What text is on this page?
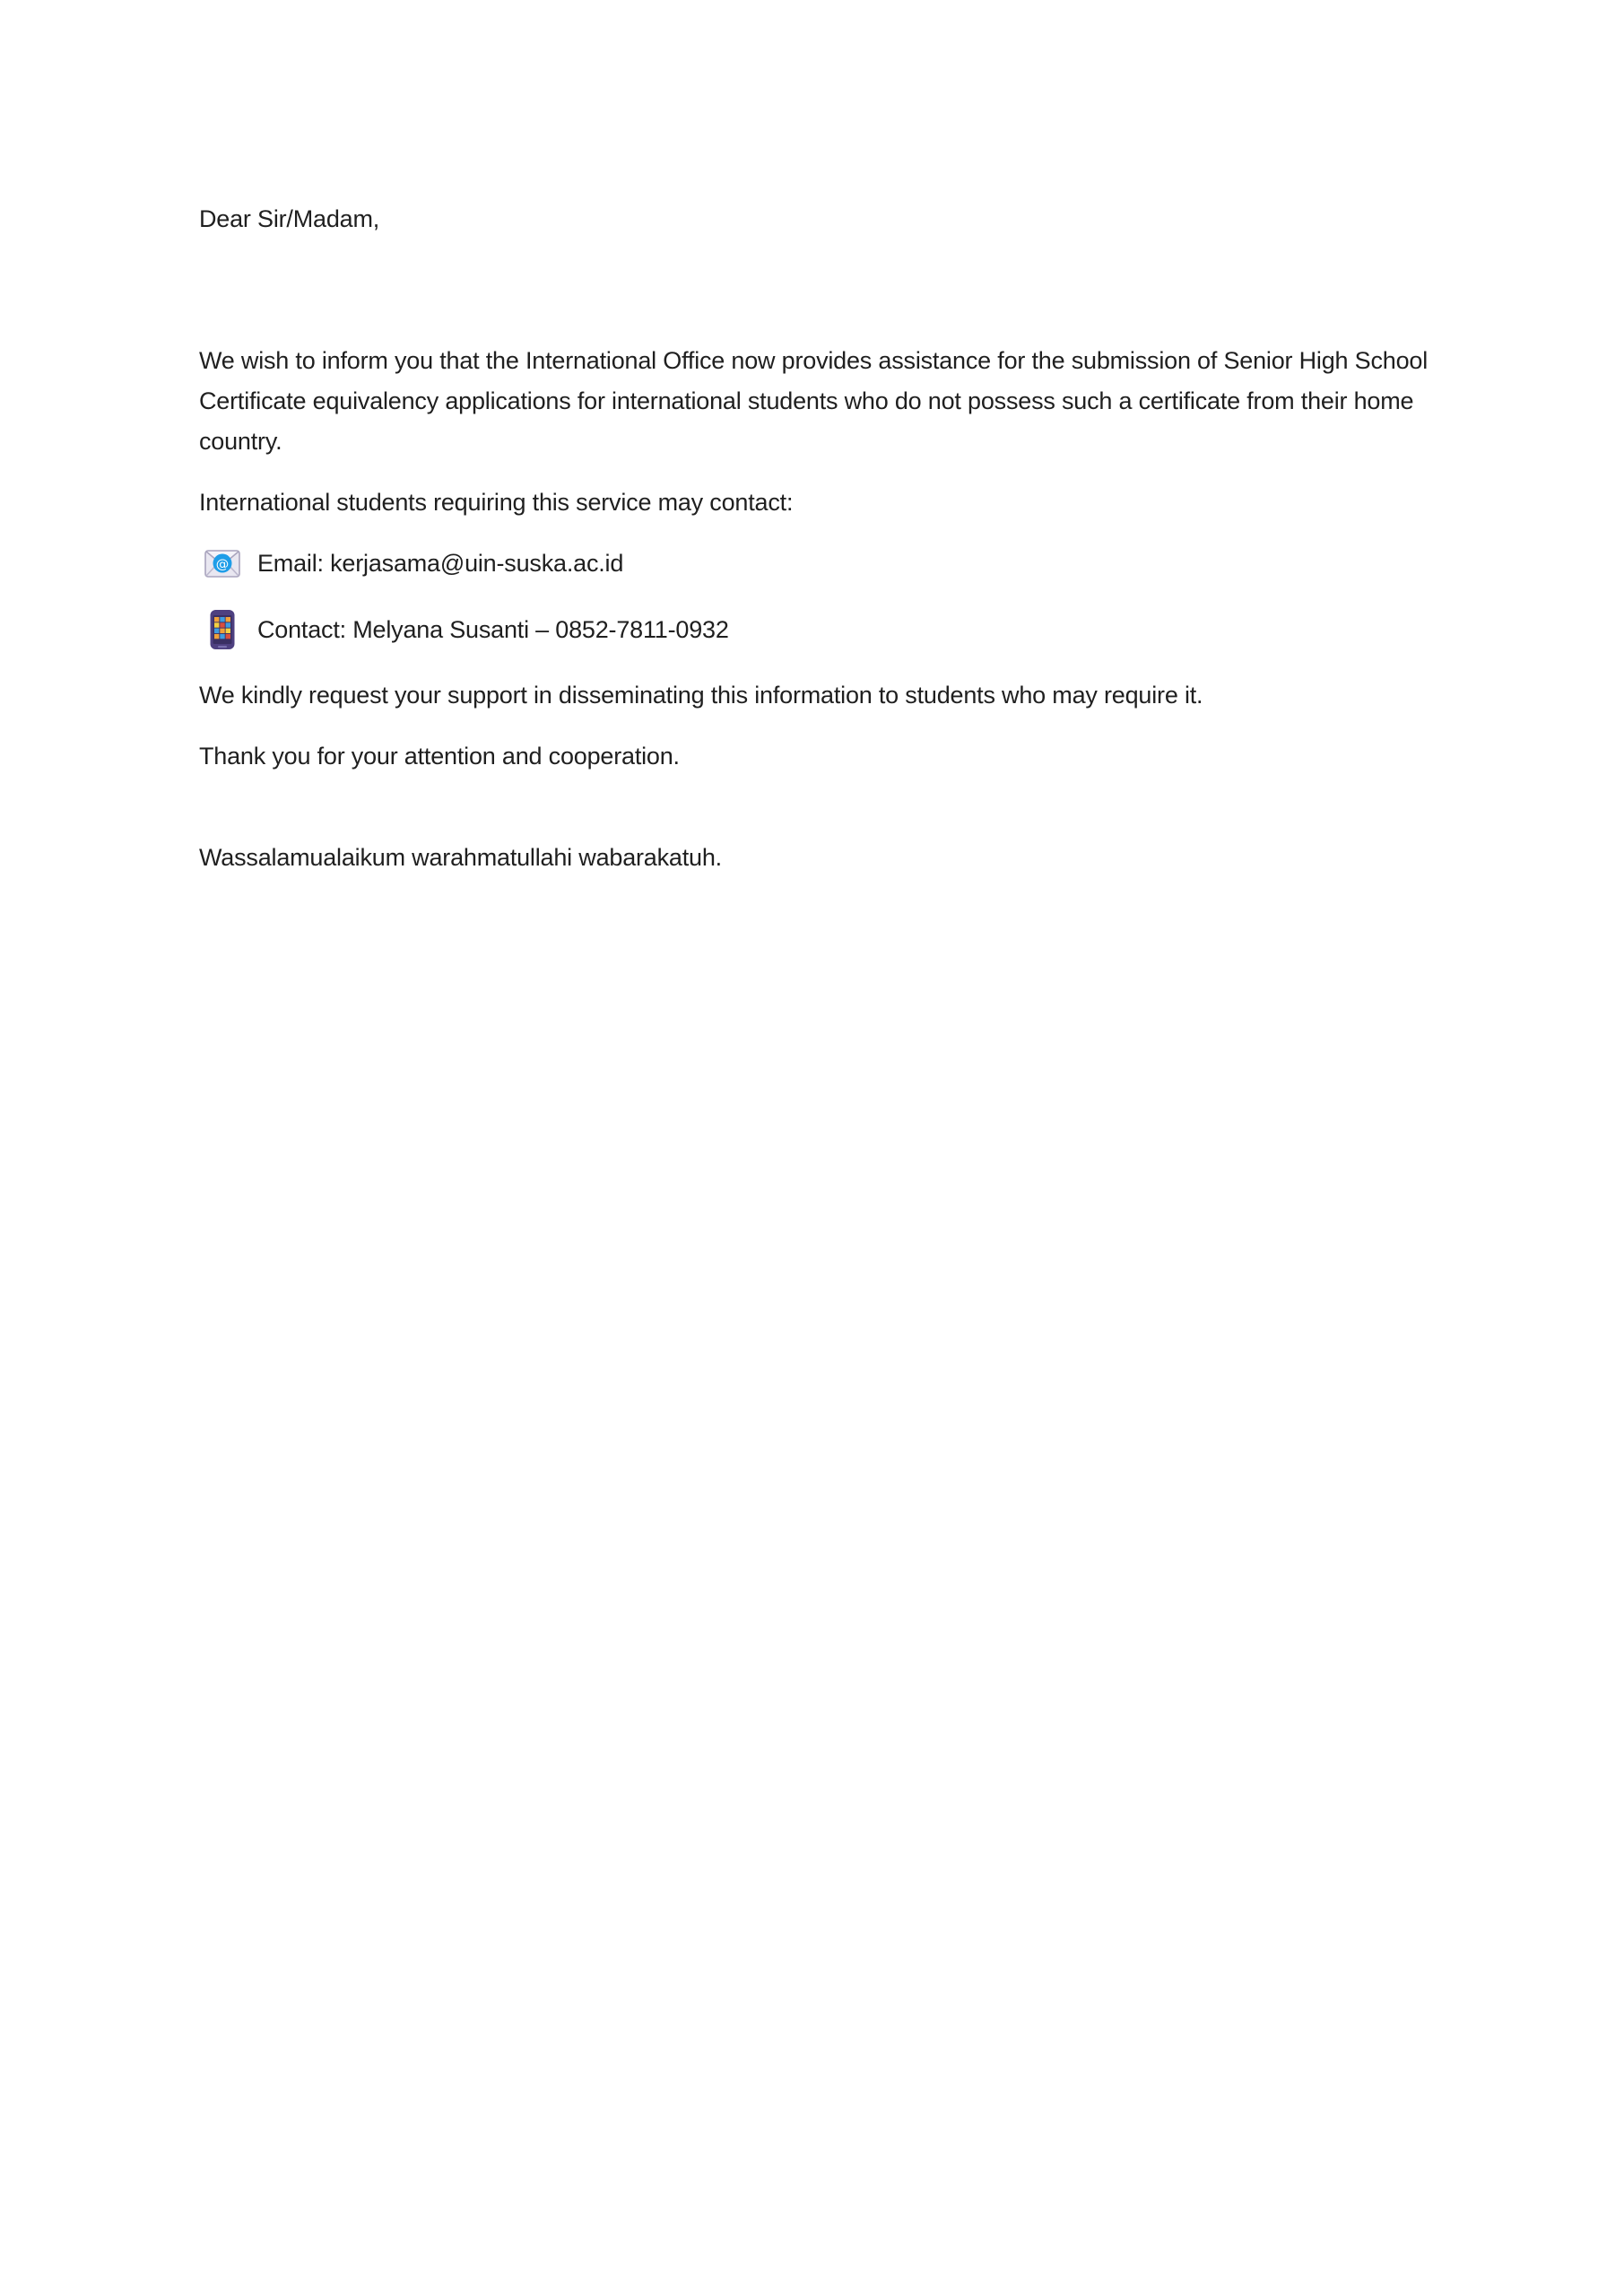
Dear Sir/Madam,

We wish to inform you that the International Office now provides assistance for the submission of Senior High School Certificate equivalency applications for international students who do not possess such a certificate from their home country.

International students requiring this service may contact:

@ Email: kerjasama@uin-suska.ac.id
Contact: Melyana Susanti – 0852-7811-0932

We kindly request your support in disseminating this information to students who may require it.

Thank you for your attention and cooperation.

Wassalamualaikum warahmatullahi wabarakatuh.
